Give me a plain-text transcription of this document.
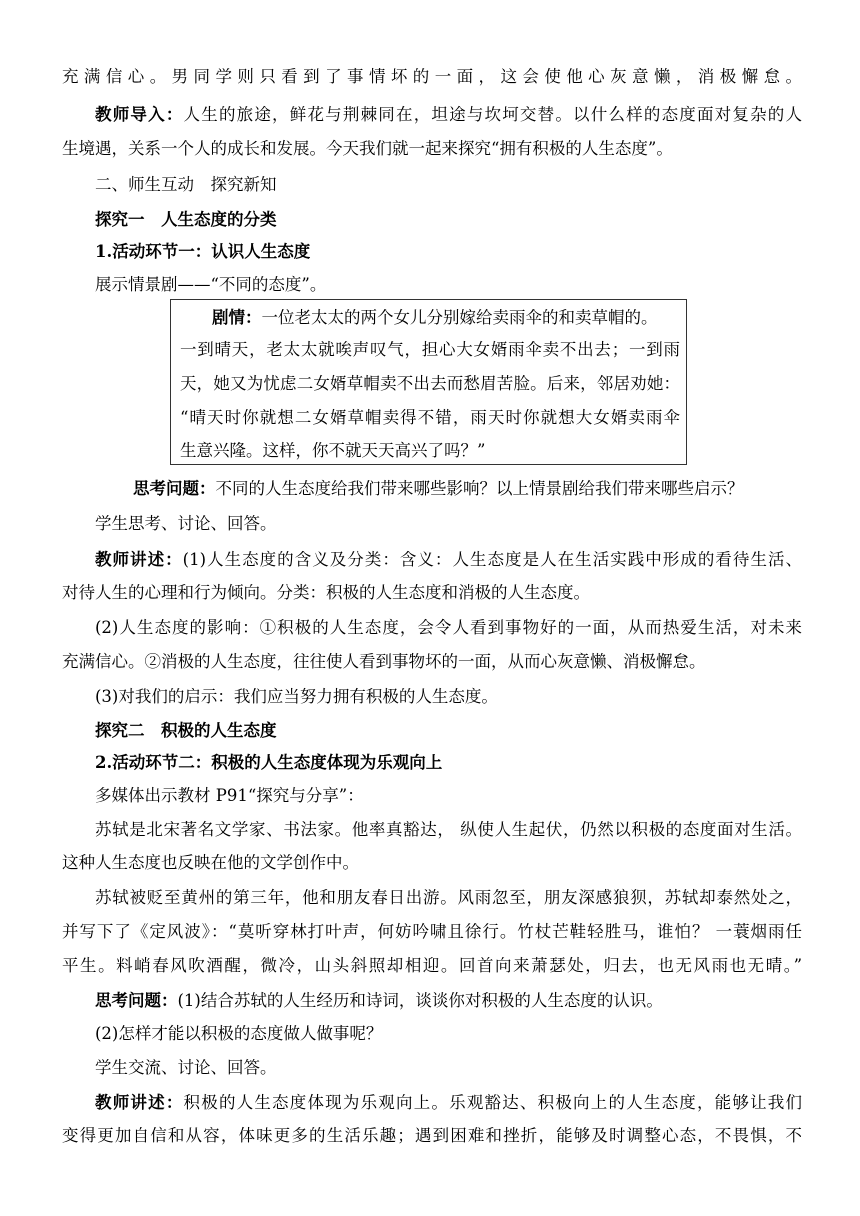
充满信心。男同学则只看到了事情坏的一面，这会使他心灰意懒，消极懈怠。
教师导入：人生的旅途，鲜花与荆棘同在，坦途与坎坷交替。以什么样的态度面对复杂的人
生境遇，关系一个人的成长和发展。今天我们就一起来探究“拥有积极的人生态度”。
二、师生互动　探究新知
探究一　人生态度的分类
1.活动环节一：认识人生态度
展示情景剧——“不同的态度”。
剧情：一位老太太的两个女儿分别嫁给卖雨伞的和卖草帽的。
一到晴天，老太太就唉声叹气，担心大女婿雨伞卖不出去；一到雨
天，她又为忧虑二女婿草帽卖不出去而愁眉苦脸。后来，邻居劝她：
“晴天时你就想二女婿草帽卖得不错，雨天时你就想大女婿卖雨伞
生意兴隆。这样，你不就天天高兴了吗？”
思考问题：不同的人生态度给我们带来哪些影响？以上情景剧给我们带来哪些启示？
学生思考、讨论、回答。
教师讲述：(1)人生态度的含义及分类：含义：人生态度是人在生活实践中形成的看待生活、
对待人生的心理和行为倾向。分类：积极的人生态度和消极的人生态度。
(2)人生态度的影响：①积极的人生态度，会令人看到事物好的一面，从而热爱生活，对未来
充满信心。②消极的人生态度，往往使人看到事物坏的一面，从而心灰意懒、消极懈怠。
(3)对我们的启示：我们应当努力拥有积极的人生态度。
探究二　积极的人生态度
2.活动环节二：积极的人生态度体现为乐观向上
多媒体出示教材 P91“探究与分享”：
苏轼是北宋著名文学家、书法家。他率真豁达， 纵使人生起伏，仍然以积极的态度面对生活。
这种人生态度也反映在他的文学创作中。
苏轼被贬至黄州的第三年，他和朋友春日出游。风雨忽至，朋友深感狼狈，苏轼却泰然处之，
并写下了《定风波》：“莫听穿林打叶声，何妨吟啸且徐行。竹杖芒鞋轻胜马，谁怕？ 一蓑烟雨任
平生。料峭春风吹酒醒，微冷，山头斜照却相迎。回首向来萧瑟处，归去，也无风雨也无晴。”
思考问题：(1)结合苏轼的人生经历和诗词，谈谈你对积极的人生态度的认识。
(2)怎样才能以积极的态度做人做事呢？
学生交流、讨论、回答。
教师讲述：积极的人生态度体现为乐观向上。乐观豁达、积极向上的人生态度，能够让我们
变得更加自信和从容，体味更多的生活乐趣；遇到困难和挫折，能够及时调整心态，不畏惧，不
